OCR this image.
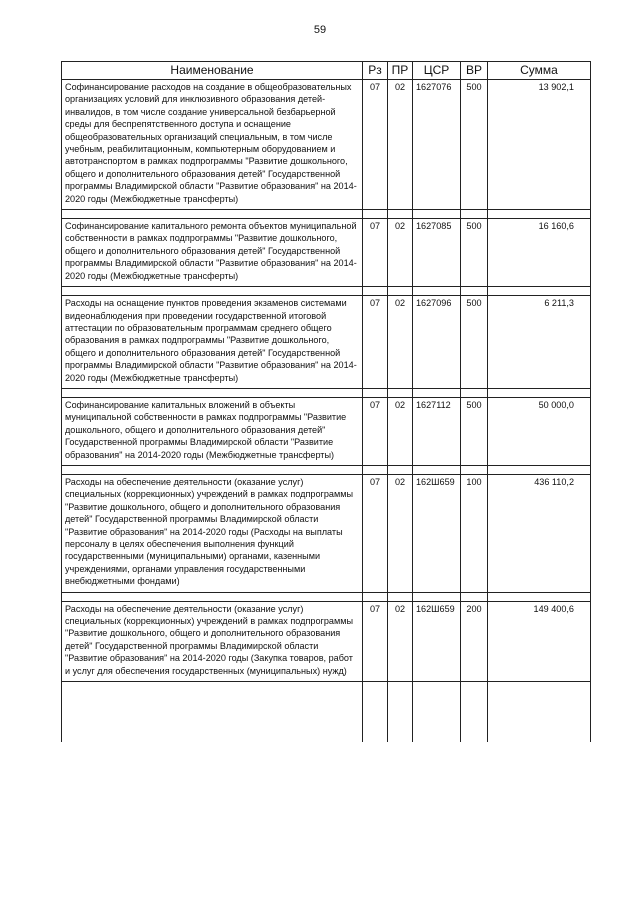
59
Наименование	Рз	ПР	ЦСР	ВР	Сумма
Софинансирование расходов на создание в общеобразовательных организациях условий для инклюзивного образования детей-инвалидов, в том числе создание универсальной безбарьерной среды для беспрепятственного доступа и оснащение общеобразовательных организаций специальным, в том числе учебным, реабилитационным, компьютерным оборудованием и автотранспортом в рамках подпрограммы "Развитие дошкольного, общего и дополнительного образования детей" Государственной программы Владимирской области "Развитие образования" на 2014-2020 годы (Межбюджетные трансферты)	07	02	1627076	500	13 902,1

Софинансирование капитального ремонта объектов муниципальной собственности в рамках подпрограммы "Развитие дошкольного, общего и дополнительного образования детей" Государственной программы Владимирской области "Развитие образования" на 2014-2020 годы (Межбюджетные трансферты)	07	02	1627085	500	16 160,6

Расходы на оснащение пунктов проведения экзаменов системами видеонаблюдения при проведении государственной итоговой аттестации по образовательным программам среднего общего образования в рамках подпрограммы "Развитие дошкольного, общего и дополнительного образования детей" Государственной программы Владимирской области "Развитие образования" на 2014-2020 годы (Межбюджетные трансферты)	07	02	1627096	500	6 211,3

Софинансирование капитальных вложений в объекты муниципальной собственности в рамках подпрограммы "Развитие дошкольного, общего и дополнительного образования детей" Государственной программы Владимирской области "Развитие образования" на 2014-2020 годы (Межбюджетные трансферты)	07	02	1627112	500	50 000,0

Расходы на обеспечение деятельности (оказание услуг) специальных (коррекционных) учреждений в рамках подпрограммы "Развитие дошкольного, общего и дополнительного образования детей" Государственной программы Владимирской области "Развитие образования" на 2014-2020 годы (Расходы на выплаты персоналу в целях обеспечения выполнения функций государственными (муниципальными) органами, казенными учреждениями, органами управления государственными внебюджетными фондами)	07	02	162Ш659	100	436 110,2

Расходы на обеспечение деятельности (оказание услуг) специальных (коррекционных) учреждений в рамках подпрограммы "Развитие дошкольного, общего и дополнительного образования детей" Государственной программы Владимирской области "Развитие образования" на 2014-2020 годы (Закупка товаров, работ и услуг для обеспечения государственных (муниципальных) нужд)	07	02	162Ш659	200	149 400,6
